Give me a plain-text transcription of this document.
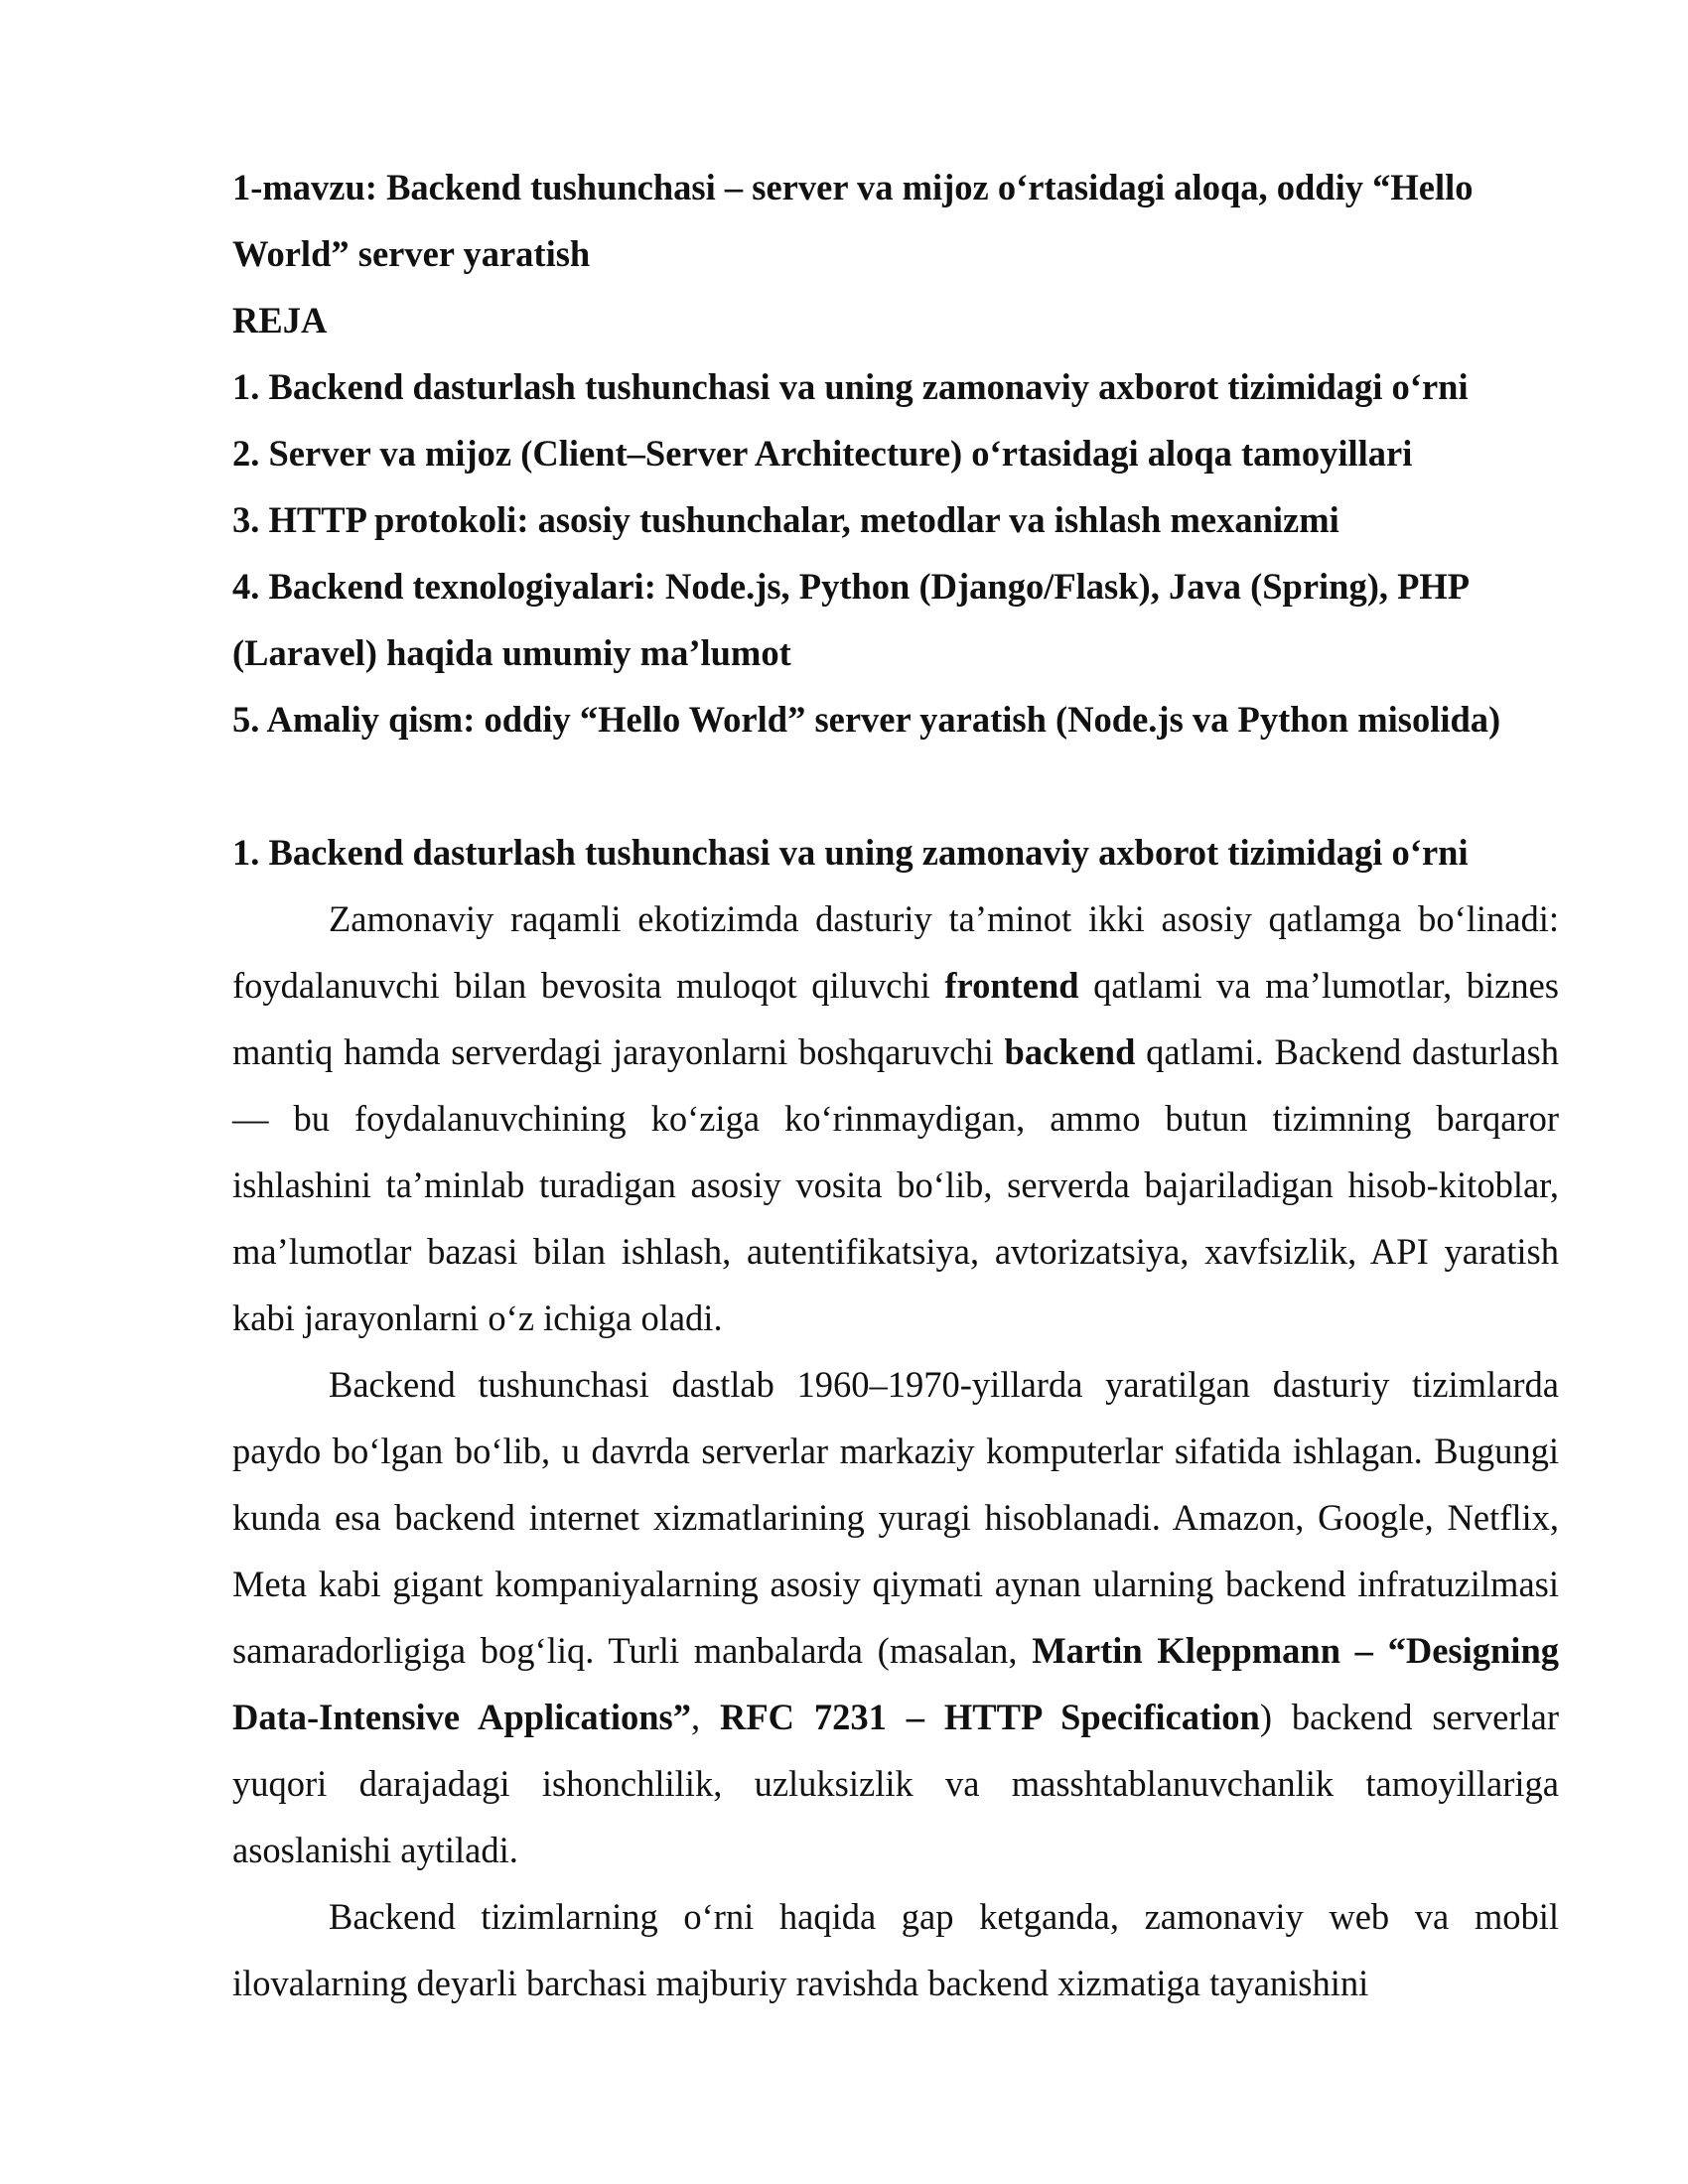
1-mavzu: Backend tushunchasi – server va mijoz o‘rtasidagi aloqa, oddiy “Hello World” server yaratish

REJA

1. Backend dasturlash tushunchasi va uning zamonaviy axborot tizimidagi o‘rni
2. Server va mijoz (Client–Server Architecture) o‘rtasidagi aloqa tamoyillari
3. HTTP protokoli: asosiy tushunchalar, metodlar va ishlash mexanizmi
4. Backend texnologiyalari: Node.js, Python (Django/Flask), Java (Spring), PHP (Laravel) haqida umumiy ma’lumot
5. Amaliy qism: oddiy “Hello World” server yaratish (Node.js va Python misolida)

1. Backend dasturlash tushunchasi va uning zamonaviy axborot tizimidagi o‘rni

Zamonaviy raqamli ekotizimda dasturiy ta’minot ikki asosiy qatlamga bo‘linadi: foydalanuvchi bilan bevosita muloqot qiluvchi frontend qatlami va ma’lumotlar, biznes mantiq hamda serverdagi jarayonlarni boshqaruvchi backend qatlami. Backend dasturlash — bu foydalanuvchining ko‘ziga ko‘rinmaydigan, ammo butun tizimning barqaror ishlashini ta’minlab turadigan asosiy vosita bo‘lib, serverda bajariladigan hisob-kitoblar, ma’lumotlar bazasi bilan ishlash, autentifikatsiya, avtorizatsiya, xavfsizlik, API yaratish kabi jarayonlarni o‘z ichiga oladi.

Backend tushunchasi dastlab 1960–1970-yillarda yaratilgan dasturiy tizimlarda paydo bo‘lgan bo‘lib, u davrda serverlar markaziy komputerlar sifatida ishlagan. Bugungi kunda esa backend internet xizmatlarining yuragi hisoblanadi. Amazon, Google, Netflix, Meta kabi gigant kompaniyalarning asosiy qiymati aynan ularning backend infratuzilmasi samaradorligiga bog‘liq. Turli manbalarda (masalan, Martin Kleppmann – “Designing Data-Intensive Applications”, RFC 7231 – HTTP Specification) backend serverlar yuqori darajadagi ishonchlilik, uzluksizlik va masshtablanuvchanlik tamoyillariga asoslanishi aytiladi.

Backend tizimlarning o‘rni haqida gap ketganda, zamonaviy web va mobil ilovalarning deyarli barchasi majburiy ravishda backend xizmatiga tayanishini
